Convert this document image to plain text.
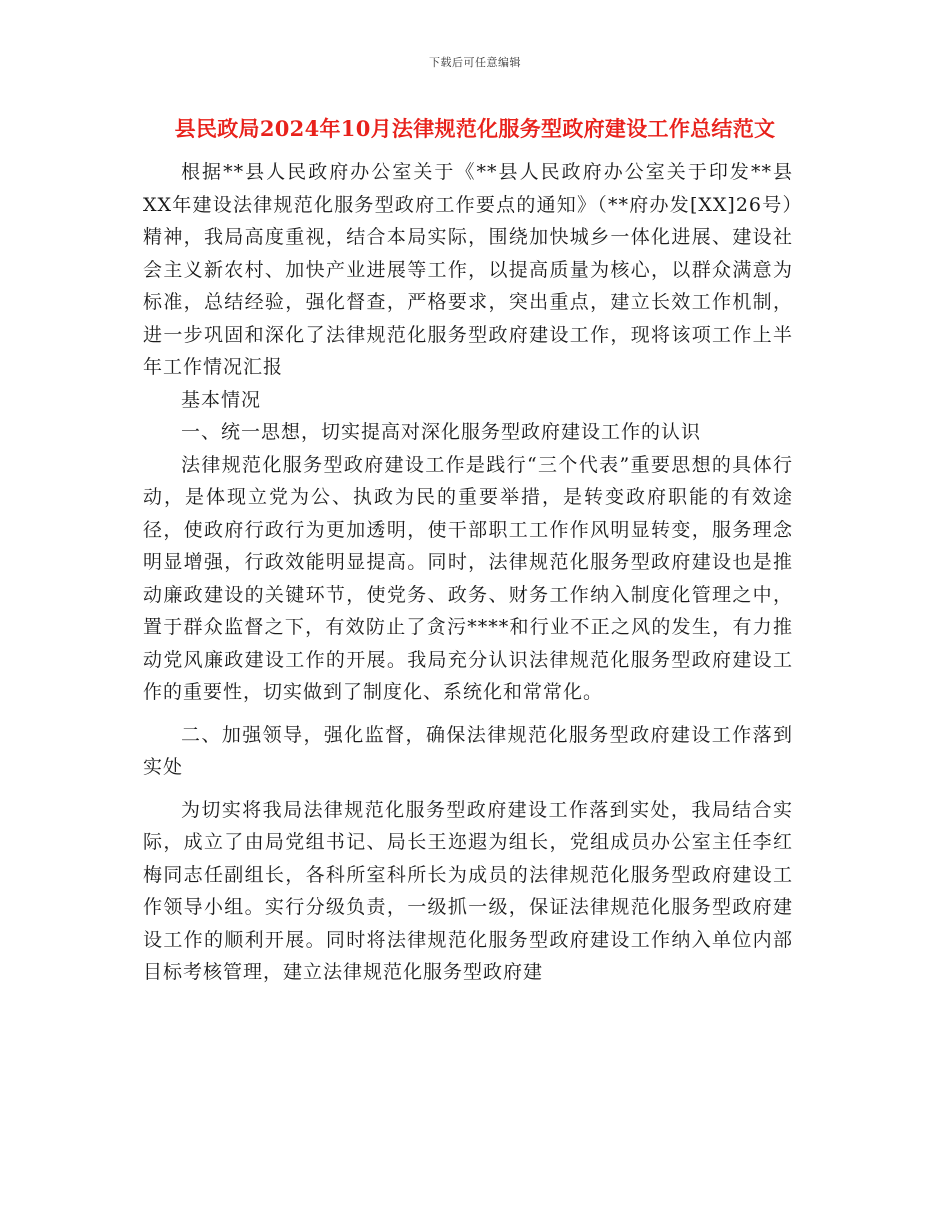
下载后可任意编辑
县民政局2024年10月法律规范化服务型政府建设工作总结范文

根据**县人民政府办公室关于《**县人民政府办公室关于印发**县XX年建设法律规范化服务型政府工作要点的通知》（**府办发[XX]26号）精神，我局高度重视，结合本局实际，围绕加快城乡一体化进展、建设社会主义新农村、加快产业进展等工作，以提高质量为核心，以群众满意为标准，总结经验，强化督查，严格要求，突出重点，建立长效工作机制，进一步巩固和深化了法律规范化服务型政府建设工作，现将该项工作上半年工作情况汇报

基本情况

一、统一思想，切实提高对深化服务型政府建设工作的认识

法律规范化服务型政府建设工作是践行“三个代表”重要思想的具体行动，是体现立党为公、执政为民的重要举措，是转变政府职能的有效途径，使政府行政行为更加透明，使干部职工工作作风明显转变，服务理念明显增强，行政效能明显提高。同时，法律规范化服务型政府建设也是推动廉政建设的关键环节，使党务、政务、财务工作纳入制度化管理之中，置于群众监督之下，有效防止了贪污****和行业不正之风的发生，有力推动党风廉政建设工作的开展。我局充分认识法律规范化服务型政府建设工作的重要性，切实做到了制度化、系统化和常常化。

二、加强领导，强化监督，确保法律规范化服务型政府建设工作落到实处

为切实将我局法律规范化服务型政府建设工作落到实处，我局结合实际，成立了由局党组书记、局长王迩遐为组长，党组成员办公室主任李红梅同志任副组长，各科所室科所长为成员的法律规范化服务型政府建设工作领导小组。实行分级负责，一级抓一级，保证法律规范化服务型政府建设工作的顺利开展。同时将法律规范化服务型政府建设工作纳入单位内部目标考核管理，建立法律规范化服务型政府建
